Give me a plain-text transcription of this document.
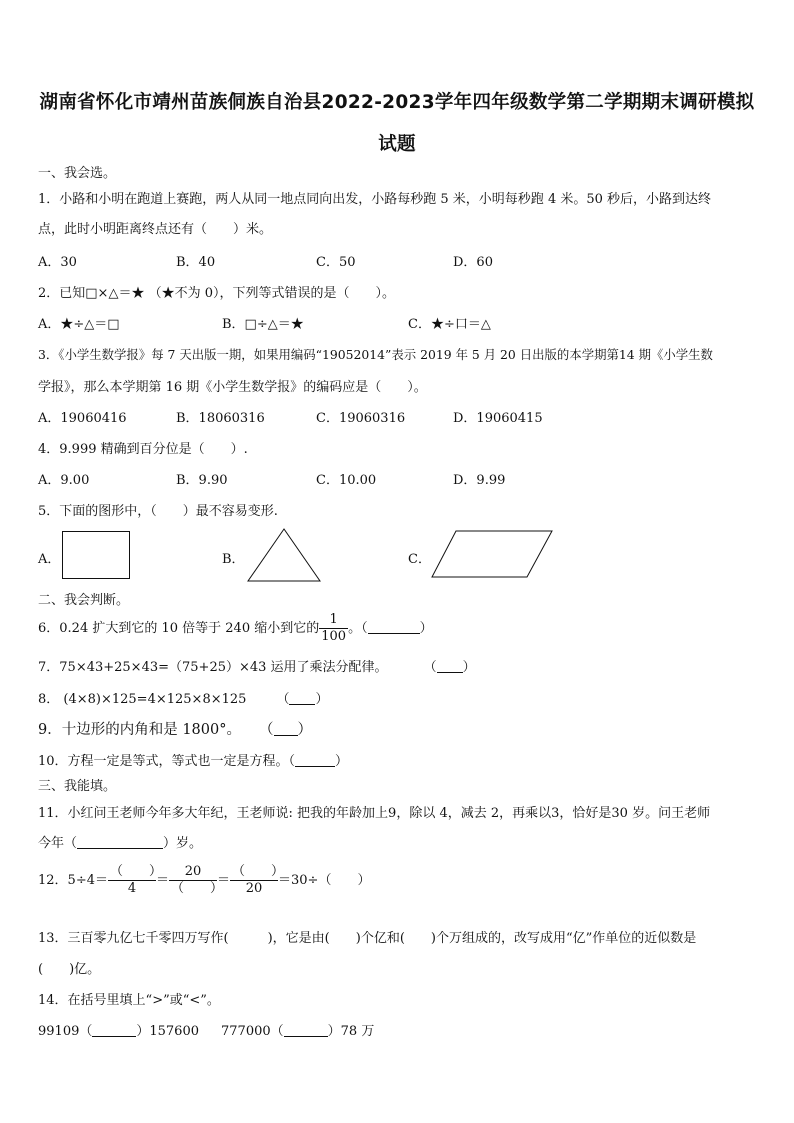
湖南省怀化市靖州苗族侗族自治县2022-2023学年四年级数学第二学期期末调研模拟
试题
一、我会选。
1．小路和小明在跑道上赛跑，两人从同一地点同向出发，小路每秒跑 5 米，小明每秒跑 4 米。50 秒后，小路到达终
点，此时小明距离终点还有（　　）米。
A．30	B．40	C．50	D．60
2．已知□×△＝★ （★不为 0），下列等式错误的是（　　）。
A．★÷△＝□	B．□÷△＝★	C．★÷口＝△
3．《小学生数学报》每 7 天出版一期，如果用编码“19052014”表示 2019 年 5 月 20 日出版的本学期第14 期《小学生数
学报》，那么本学期第 16 期《小学生数学报》的编码应是（　　）。
A．19060416	B．18060316	C．19060316	D．19060415
4．9.999 精确到百分位是（　　）.
A．9.00	B．9.90	C．10.00	D．9.99
5．下面的图形中，（　　）最不容易变形.
A．	B．	C．
二、我会判断。
6．0.24 扩大到它的 10 倍等于 240 缩小到它的 $\frac{1}{100}$ 。（	）
7．75×43+25×43=（75+25）×43 运用了乘法分配律。	（ ）
8． (4×8)×125=4×125×8×125 （ ）
9．十边形的内角和是 1800°。 （ ）
10．方程一定是等式，等式也一定是方程。（	）
三、我能填。
11．小红问王老师今年多大年纪，王老师说: 把我的年龄加上9，除以 4，减去 2，再乘以3，恰好是30 岁。问王老师
今年（	）岁。
12．$5\div 4= \frac{( )}{4} = \frac{20}{( )} = \frac{( )}{20} =30\div$（　　）
13．三百零九亿七千零四万写作(　　　)，它是由(　　)个亿和(　　)个万组成的，改写成用“亿”作单位的近似数是
(　　)亿。
14．在括号里填上“>”或“<”。
99109（	）157600 777000（	）78 万
